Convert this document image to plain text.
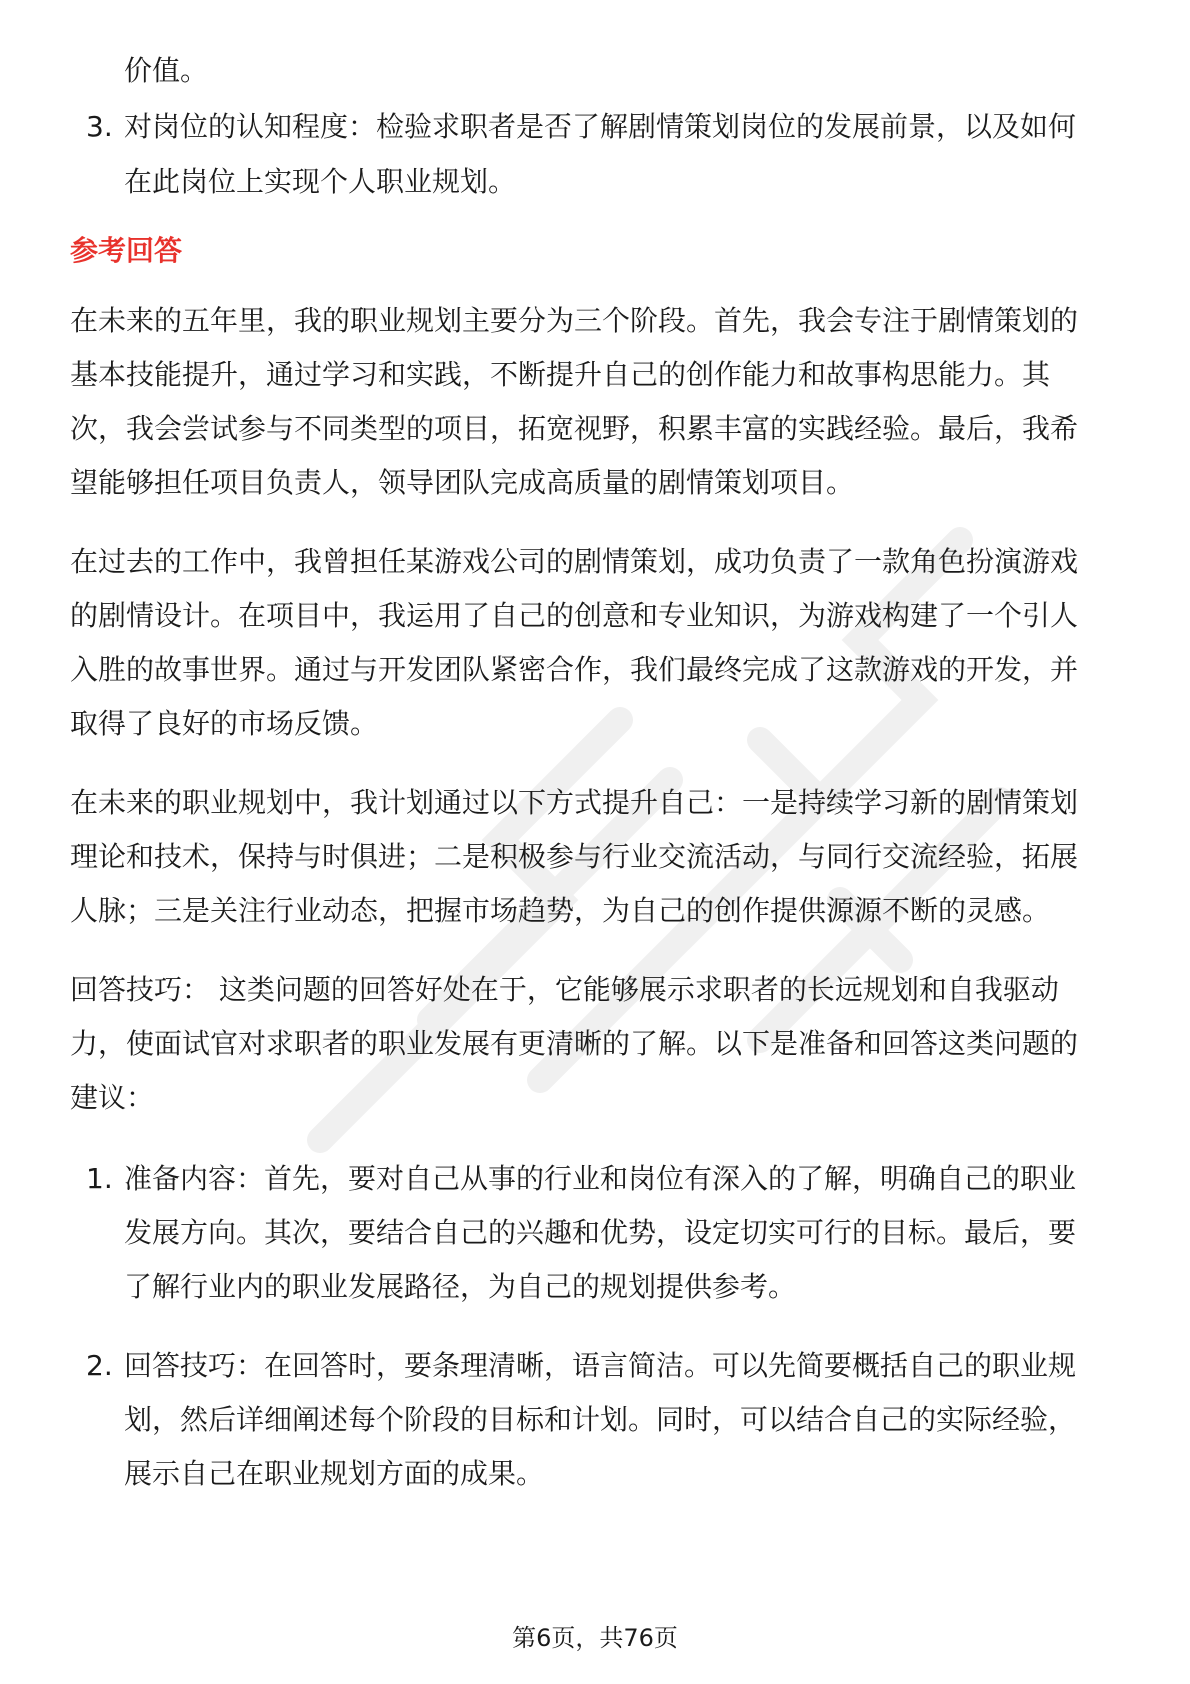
价值。
3. 对岗位的认知程度：检验求职者是否了解剧情策划岗位的发展前景，以及如何
在此岗位上实现个人职业规划。
参考回答
在未来的五年里，我的职业规划主要分为三个阶段。首先，我会专注于剧情策划的
基本技能提升，通过学习和实践，不断提升自己的创作能力和故事构思能力。其
次，我会尝试参与不同类型的项目，拓宽视野，积累丰富的实践经验。最后，我希
望能够担任项目负责人，领导团队完成高质量的剧情策划项目。
在过去的工作中，我曾担任某游戏公司的剧情策划，成功负责了一款角色扮演游戏
的剧情设计。在项目中，我运用了自己的创意和专业知识，为游戏构建了一个引人
入胜的故事世界。通过与开发团队紧密合作，我们最终完成了这款游戏的开发，并
取得了良好的市场反馈。
在未来的职业规划中，我计划通过以下方式提升自己：一是持续学习新的剧情策划
理论和技术，保持与时俱进；二是积极参与行业交流活动，与同行交流经验，拓展
人脉；三是关注行业动态，把握市场趋势，为自己的创作提供源源不断的灵感。
回答技巧： 这类问题的回答好处在于，它能够展示求职者的长远规划和自我驱动
力，使面试官对求职者的职业发展有更清晰的了解。以下是准备和回答这类问题的
建议：
1. 准备内容：首先，要对自己从事的行业和岗位有深入的了解，明确自己的职业
发展方向。其次，要结合自己的兴趣和优势，设定切实可行的目标。最后，要
了解行业内的职业发展路径，为自己的规划提供参考。
2. 回答技巧：在回答时，要条理清晰，语言简洁。可以先简要概括自己的职业规
划，然后详细阐述每个阶段的目标和计划。同时，可以结合自己的实际经验，
展示自己在职业规划方面的成果。
第6页，共76页
